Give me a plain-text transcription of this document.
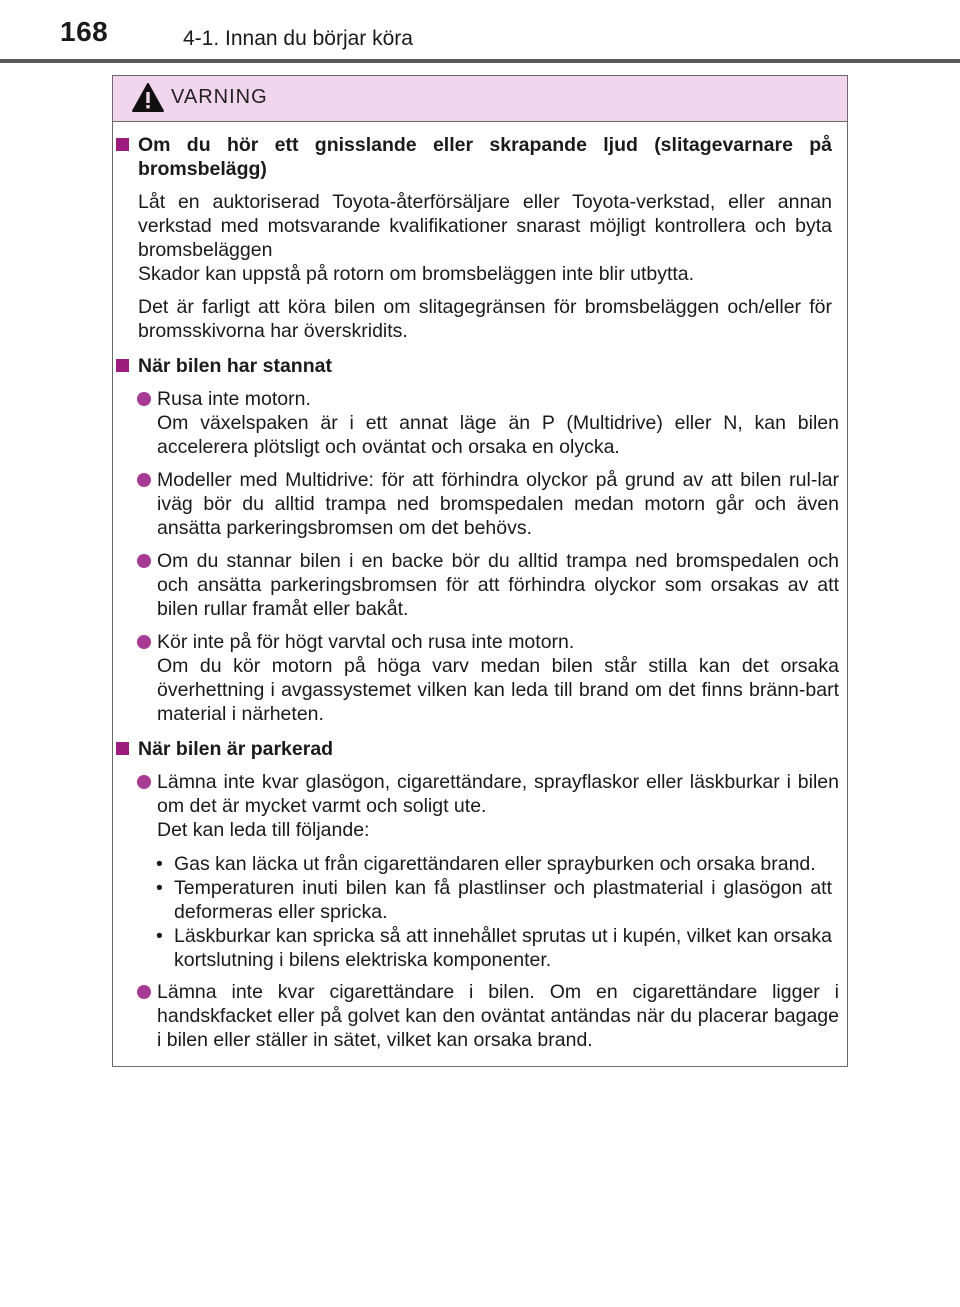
168	4-1. Innan du börjar köra
VARNING
Om du hör ett gnisslande eller skrapande ljud (slitagevarnare på bromsbelägg)
Låt en auktoriserad Toyota-återförsäljare eller Toyota-verkstad, eller annan verkstad med motsvarande kvalifikationer snarast möjligt kontrollera och byta bromsbeläggen
Skador kan uppstå på rotorn om bromsbeläggen inte blir utbytta.
Det är farligt att köra bilen om slitagegränsen för bromsbeläggen och/eller för bromsskivorna har överskridits.
När bilen har stannat
Rusa inte motorn.
Om växelspaken är i ett annat läge än P (Multidrive) eller N, kan bilen accelerera plötsligt och oväntat och orsaka en olycka.
Modeller med Multidrive: för att förhindra olyckor på grund av att bilen rul-lar iväg bör du alltid trampa ned bromspedalen medan motorn går och även ansätta parkeringsbromsen om det behövs.
Om du stannar bilen i en backe bör du alltid trampa ned bromspedalen och och ansätta parkeringsbromsen för att förhindra olyckor som orsakas av att bilen rullar framåt eller bakåt.
Kör inte på för högt varvtal och rusa inte motorn.
Om du kör motorn på höga varv medan bilen står stilla kan det orsaka överhettning i avgassystemet vilken kan leda till brand om det finns bränn-bart material i närheten.
När bilen är parkerad
Lämna inte kvar glasögon, cigarettändare, sprayflaskor eller läskburkar i bilen om det är mycket varmt och soligt ute.
Det kan leda till följande:
• Gas kan läcka ut från cigarettändaren eller sprayburken och orsaka brand.
• Temperaturen inuti bilen kan få plastlinser och plastmaterial i glasögon att deformeras eller spricka.
• Läskburkar kan spricka så att innehållet sprutas ut i kupén, vilket kan orsaka kortslutning i bilens elektriska komponenter.
Lämna inte kvar cigarettändare i bilen. Om en cigarettändare ligger i handskfacket eller på golvet kan den oväntat antändas när du placerar bagage i bilen eller ställer in sätet, vilket kan orsaka brand.
